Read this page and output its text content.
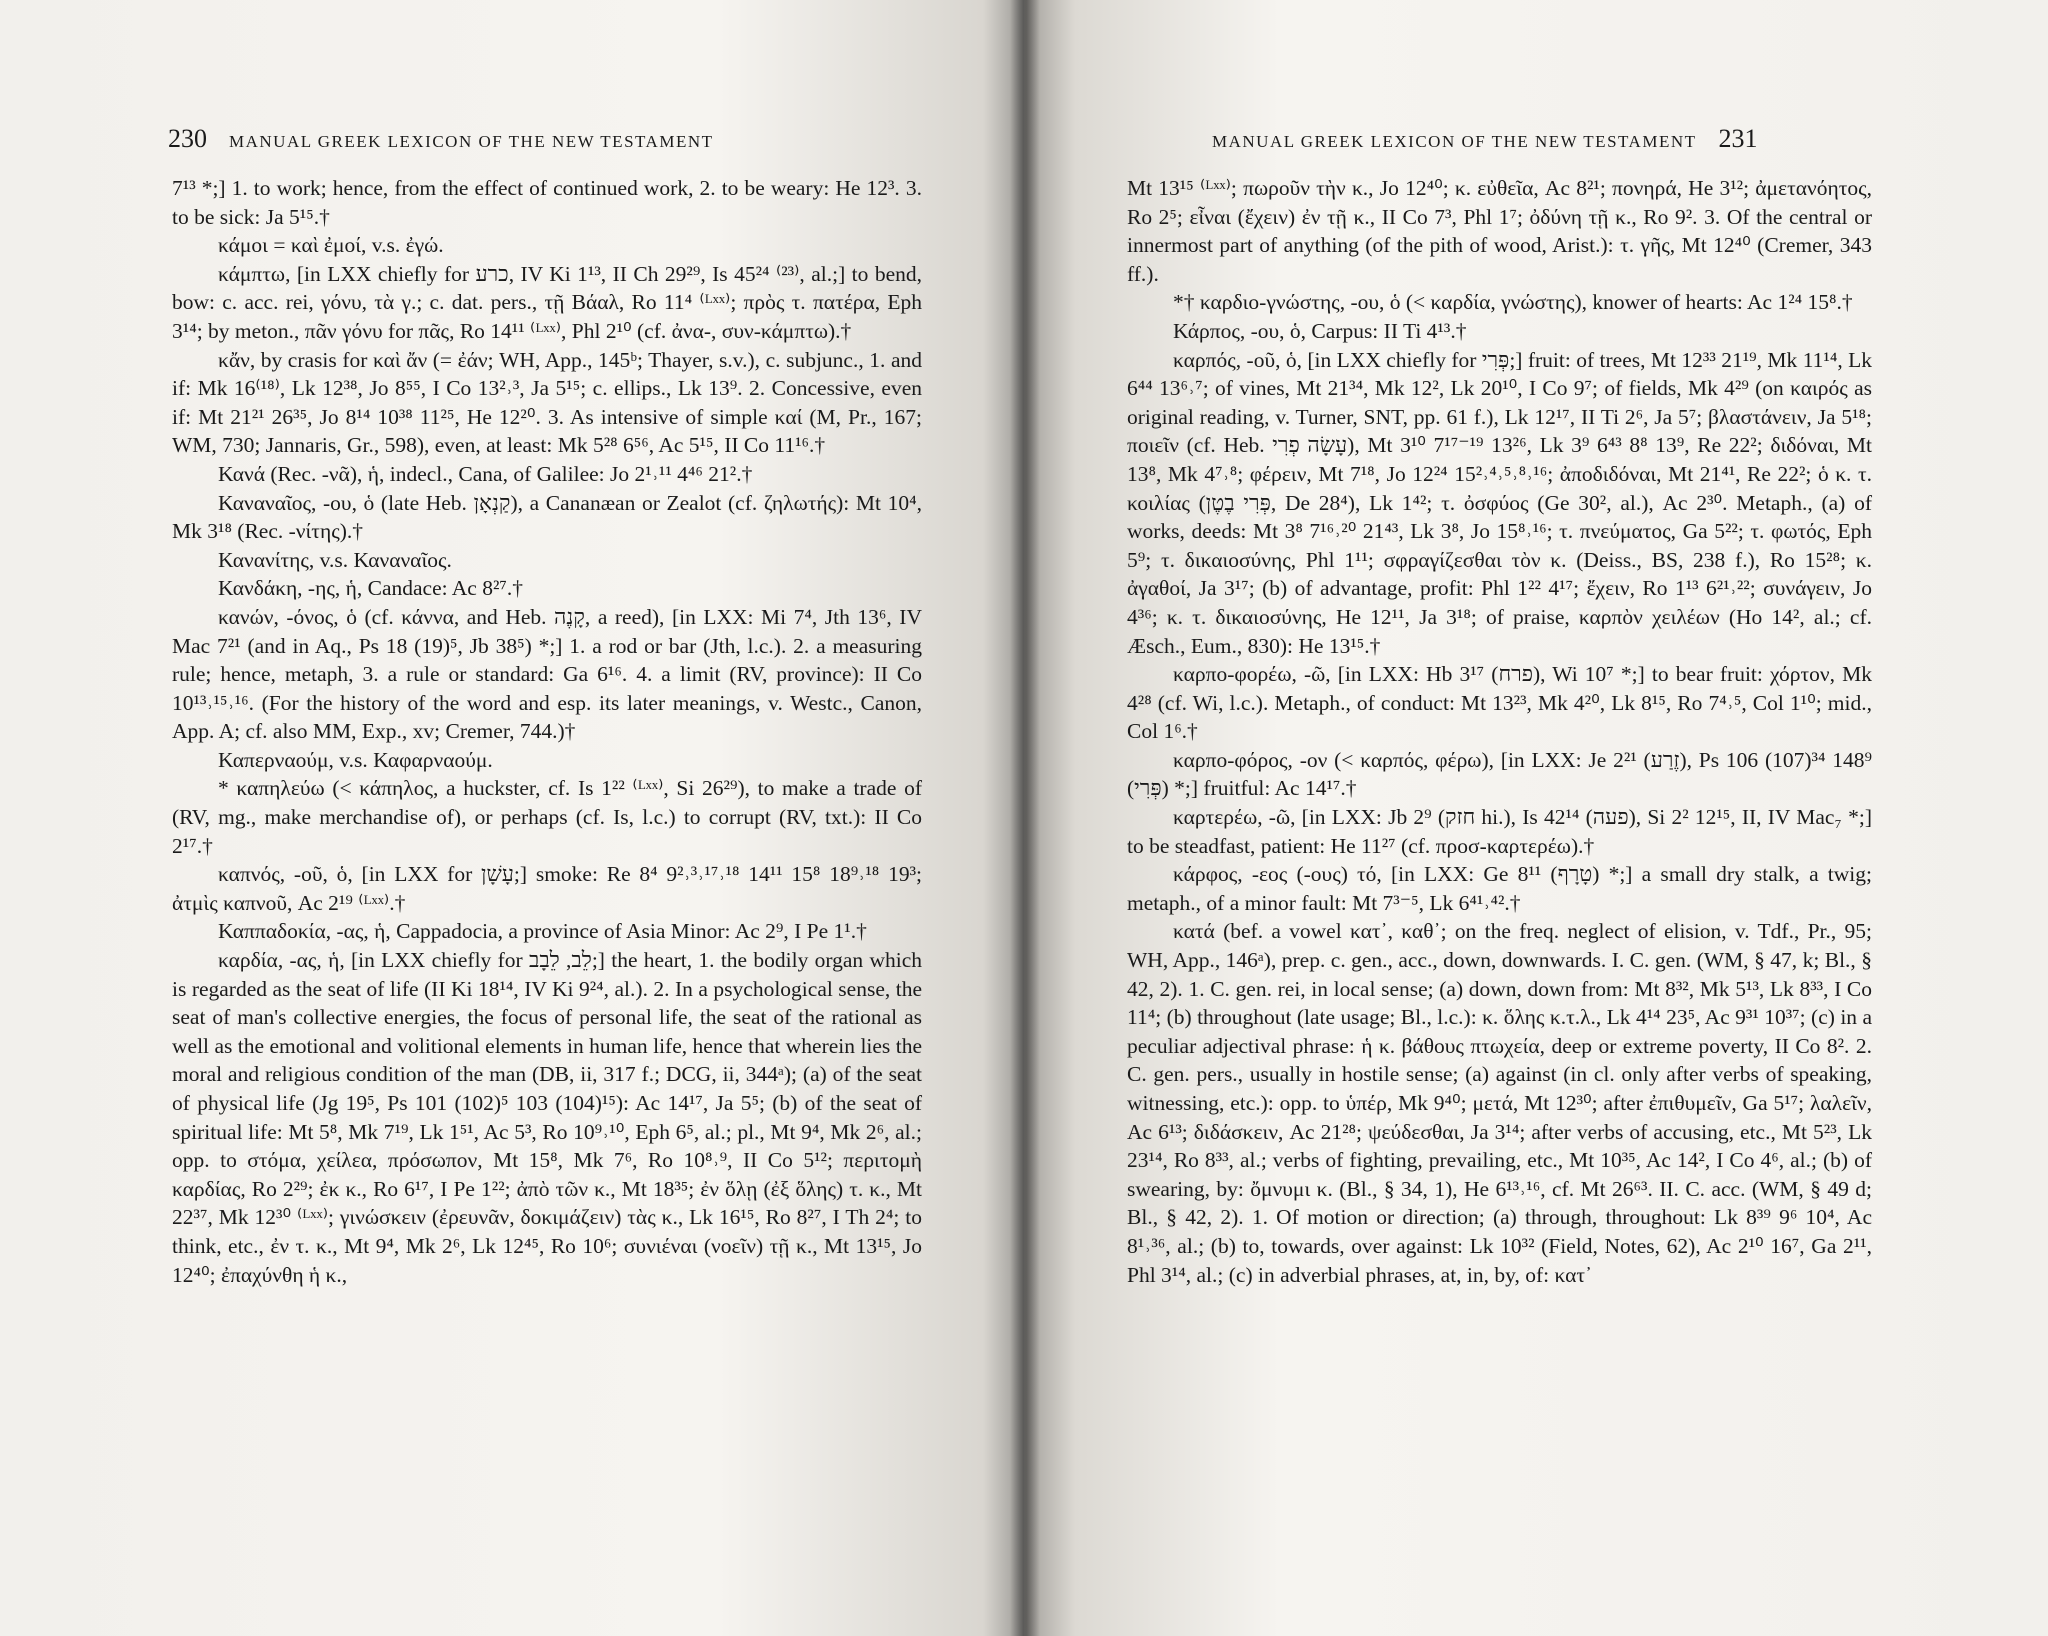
230 MANUAL GREEK LEXICON OF THE NEW TESTAMENT

7¹³ *;] 1. to work; hence, from the effect of continued work, 2. to be weary: He 12³. 3. to be sick: Ja 5¹⁵.†

κάμοι = καὶ ἐμοί, v.s. ἐγώ.

κάμπτω, [in LXX chiefly for כרע, IV Ki 1¹³, II Ch 29²⁹, Is 45²⁴ ⁽²³⁾, al.;] to bend, bow: c. acc. rei, γόνυ, τὰ γ.; c. dat. pers., τῇ Βάαλ, Ro 11⁴ ⁽ᴸˣˣ⁾; πρὸς τ. πατέρα, Eph 3¹⁴; by meton., πᾶν γόνυ for πᾶς, Ro 14¹¹ ⁽ᴸˣˣ⁾, Phl 2¹⁰ (cf. ἀνα-, συν-κάμπτω).†

κἄν, by crasis for καὶ ἄν (= ἐάν; WH, App., 145ᵇ; Thayer, s.v.), c. subjunc., 1. and if: Mk 16⁽¹⁸⁾, Lk 12³⁸, Jo 8⁵⁵, I Co 13²˒³, Ja 5¹⁵; c. ellips., Lk 13⁹. 2. Concessive, even if: Mt 21²¹ 26³⁵, Jo 8¹⁴ 10³⁸ 11²⁵, He 12²⁰. 3. As intensive of simple καί (M, Pr., 167; WM, 730; Jannaris, Gr., 598), even, at least: Mk 5²⁸ 6⁵⁶, Ac 5¹⁵, II Co 11¹⁶.†

Κανά (Rec. -νᾶ), ἡ, indecl., Cana, of Galilee: Jo 2¹˒¹¹ 4⁴⁶ 21².†

Καναναῖος, -ου, ὁ (late Heb. קַנְאָן), a Cananæan or Zealot (cf. ζηλωτής): Mt 10⁴, Mk 3¹⁸ (Rec. -νίτης).†

Κανανίτης, v.s. Καναναῖος.

Κανδάκη, -ης, ἡ, Candace: Ac 8²⁷.†

κανών, -όνος, ὁ (cf. κάννα, and Heb. קָנֶה, a reed), [in LXX: Mi 7⁴, Jth 13⁶, IV Mac 7²¹ (and in Aq., Ps 18 (19)⁵, Jb 38⁵) *;] 1. a rod or bar (Jth, l.c.). 2. a measuring rule; hence, metaph, 3. a rule or standard: Ga 6¹⁶. 4. a limit (RV, province): II Co 10¹³˒¹⁵˒¹⁶. (For the history of the word and esp. its later meanings, v. Westc., Canon, App. A; cf. also MM, Exp., xv; Cremer, 744.)†

Καπερναούμ, v.s. Καφαρναούμ.

* καπηλεύω (< κάπηλος, a huckster, cf. Is 1²² ⁽ᴸˣˣ⁾, Si 26²⁹), to make a trade of (RV, mg., make merchandise of), or perhaps (cf. Is, l.c.) to corrupt (RV, txt.): II Co 2¹⁷.†

καπνός, -οῦ, ὁ, [in LXX for עָשָׁן;] smoke: Re 8⁴ 9²˒³˒¹⁷˒¹⁸ 14¹¹ 15⁸ 18⁹˒¹⁸ 19³; ἀτμὶς καπνοῦ, Ac 2¹⁹ ⁽ᴸˣˣ⁾.†

Καππαδοκία, -ας, ἡ, Cappadocia, a province of Asia Minor: Ac 2⁹, I Pe 1¹.†

καρδία, -ας, ἡ, [in LXX chiefly for לֵב, לֵבָב;] the heart, 1. the bodily organ which is regarded as the seat of life (II Ki 18¹⁴, IV Ki 9²⁴, al.). 2. In a psychological sense, the seat of man's collective energies, the focus of personal life, the seat of the rational as well as the emotional and volitional elements in human life, hence that wherein lies the moral and religious condition of the man (DB, ii, 317 f.; DCG, ii, 344ᵃ); (a) of the seat of physical life (Jg 19⁵, Ps 101 (102)⁵ 103 (104)¹⁵): Ac 14¹⁷, Ja 5⁵; (b) of the seat of spiritual life: Mt 5⁸, Mk 7¹⁹, Lk 1⁵¹, Ac 5³, Ro 10⁹˒¹⁰, Eph 6⁵, al.; pl., Mt 9⁴, Mk 2⁶, al.; opp. to στόμα, χείλεα, πρόσωπον, Mt 15⁸, Mk 7⁶, Ro 10⁸˒⁹, II Co 5¹²; περιτομὴ καρδίας, Ro 2²⁹; ἐκ κ., Ro 6¹⁷, I Pe 1²²; ἀπὸ τῶν κ., Mt 18³⁵; ἐν ὅλῃ (ἐξ ὅλης) τ. κ., Mt 22³⁷, Mk 12³⁰ ⁽ᴸˣˣ⁾; γινώσκειν (ἐρευνᾶν, δοκιμάζειν) τὰς κ., Lk 16¹⁵, Ro 8²⁷, I Th 2⁴; to think, etc., ἐν τ. κ., Mt 9⁴, Mk 2⁶, Lk 12⁴⁵, Ro 10⁶; συνιέναι (νοεῖν) τῇ κ., Mt 13¹⁵, Jo 12⁴⁰; ἐπαχύνθη ἡ κ.,

MANUAL GREEK LEXICON OF THE NEW TESTAMENT 231

Mt 13¹⁵ ⁽ᴸˣˣ⁾; πωροῦν τὴν κ., Jo 12⁴⁰; κ. εὐθεῖα, Ac 8²¹; πονηρά, He 3¹²; ἀμετανόητος, Ro 2⁵; εἶναι (ἔχειν) ἐν τῇ κ., II Co 7³, Phl 1⁷; ὀδύνη τῇ κ., Ro 9². 3. Of the central or innermost part of anything (of the pith of wood, Arist.): τ. γῆς, Mt 12⁴⁰ (Cremer, 343 ff.).

*† καρδιο-γνώστης, -ου, ὁ (< καρδία, γνώστης), knower of hearts: Ac 1²⁴ 15⁸.†

Κάρπος, -ου, ὁ, Carpus: II Ti 4¹³.†

καρπός, -οῦ, ὁ, [in LXX chiefly for פְּרִי;] fruit: of trees, Mt 12³³ 21¹⁹, Mk 11¹⁴, Lk 6⁴⁴ 13⁶˒⁷; of vines, Mt 21³⁴, Mk 12², Lk 20¹⁰, I Co 9⁷; of fields, Mk 4²⁹ (on καιρός as original reading, v. Turner, SNT, pp. 61 f.), Lk 12¹⁷, II Ti 2⁶, Ja 5⁷; βλαστάνειν, Ja 5¹⁸; ποιεῖν (cf. Heb. עָשָׂה פְרִי), Mt 3¹⁰ 7¹⁷⁻¹⁹ 13²⁶, Lk 3⁹ 6⁴³ 8⁸ 13⁹, Re 22²; διδόναι, Mt 13⁸, Mk 4⁷˒⁸; φέρειν, Mt 7¹⁸, Jo 12²⁴ 15²˒⁴˒⁵˒⁸˒¹⁶; ἀποδιδόναι, Mt 21⁴¹, Re 22²; ὁ κ. τ. κοιλίας (פְּרִי בֶטֶן, De 28⁴), Lk 1⁴²; τ. ὀσφύος (Ge 30², al.), Ac 2³⁰. Metaph., (a) of works, deeds: Mt 3⁸ 7¹⁶˒²⁰ 21⁴³, Lk 3⁸, Jo 15⁸˒¹⁶; τ. πνεύματος, Ga 5²²; τ. φωτός, Eph 5⁹; τ. δικαιοσύνης, Phl 1¹¹; σφραγίζεσθαι τὸν κ. (Deiss., BS, 238 f.), Ro 15²⁸; κ. ἀγαθοί, Ja 3¹⁷; (b) of advantage, profit: Phl 1²² 4¹⁷; ἔχειν, Ro 1¹³ 6²¹˒²²; συνάγειν, Jo 4³⁶; κ. τ. δικαιοσύνης, He 12¹¹, Ja 3¹⁸; of praise, καρπὸν χειλέων (Ho 14², al.; cf. Æsch., Eum., 830): He 13¹⁵.†

καρπο-φορέω, -ῶ, [in LXX: Hb 3¹⁷ (פרח), Wi 10⁷ *;] to bear fruit: χόρτον, Mk 4²⁸ (cf. Wi, l.c.). Metaph., of conduct: Mt 13²³, Mk 4²⁰, Lk 8¹⁵, Ro 7⁴˒⁵, Col 1¹⁰; mid., Col 1⁶.†

καρπο-φόρος, -ον (< καρπός, φέρω), [in LXX: Je 2²¹ (זֶרַע), Ps 106 (107)³⁴ 148⁹ (פְּרִי) *;] fruitful: Ac 14¹⁷.†

καρτερέω, -ῶ, [in LXX: Jb 2⁹ (חזק hi.), Is 42¹⁴ (פעה), Si 2² 12¹⁵, II, IV Mac₇ *;] to be steadfast, patient: He 11²⁷ (cf. προσ-καρτερέω).†

κάρφος, -εος (-ους) τό, [in LXX: Ge 8¹¹ (טָרָף) *;] a small dry stalk, a twig; metaph., of a minor fault: Mt 7³⁻⁵, Lk 6⁴¹˒⁴².†

κατά (bef. a vowel κατ᾽, καθ᾽; on the freq. neglect of elision, v. Tdf., Pr., 95; WH, App., 146ᵃ), prep. c. gen., acc., down, downwards. I. C. gen. (WM, § 47, k; Bl., § 42, 2). 1. C. gen. rei, in local sense; (a) down, down from: Mt 8³², Mk 5¹³, Lk 8³³, I Co 11⁴; (b) throughout (late usage; Bl., l.c.): κ. ὅλης κ.τ.λ., Lk 4¹⁴ 23⁵, Ac 9³¹ 10³⁷; (c) in a peculiar adjectival phrase: ἡ κ. βάθους πτωχεία, deep or extreme poverty, II Co 8². 2. C. gen. pers., usually in hostile sense; (a) against (in cl. only after verbs of speaking, witnessing, etc.): opp. to ὑπέρ, Mk 9⁴⁰; μετά, Mt 12³⁰; after ἐπιθυμεῖν, Ga 5¹⁷; λαλεῖν, Ac 6¹³; διδάσκειν, Ac 21²⁸; ψεύδεσθαι, Ja 3¹⁴; after verbs of accusing, etc., Mt 5²³, Lk 23¹⁴, Ro 8³³, al.; verbs of fighting, prevailing, etc., Mt 10³⁵, Ac 14², I Co 4⁶, al.; (b) of swearing, by: ὄμνυμι κ. (Bl., § 34, 1), He 6¹³˒¹⁶, cf. Mt 26⁶³. II. C. acc. (WM, § 49 d; Bl., § 42, 2). 1. Of motion or direction; (a) through, throughout: Lk 8³⁹ 9⁶ 10⁴, Ac 8¹˒³⁶, al.; (b) to, towards, over against: Lk 10³² (Field, Notes, 62), Ac 2¹⁰ 16⁷, Ga 2¹¹, Phl 3¹⁴, al.; (c) in adverbial phrases, at, in, by, of: κατ᾽
